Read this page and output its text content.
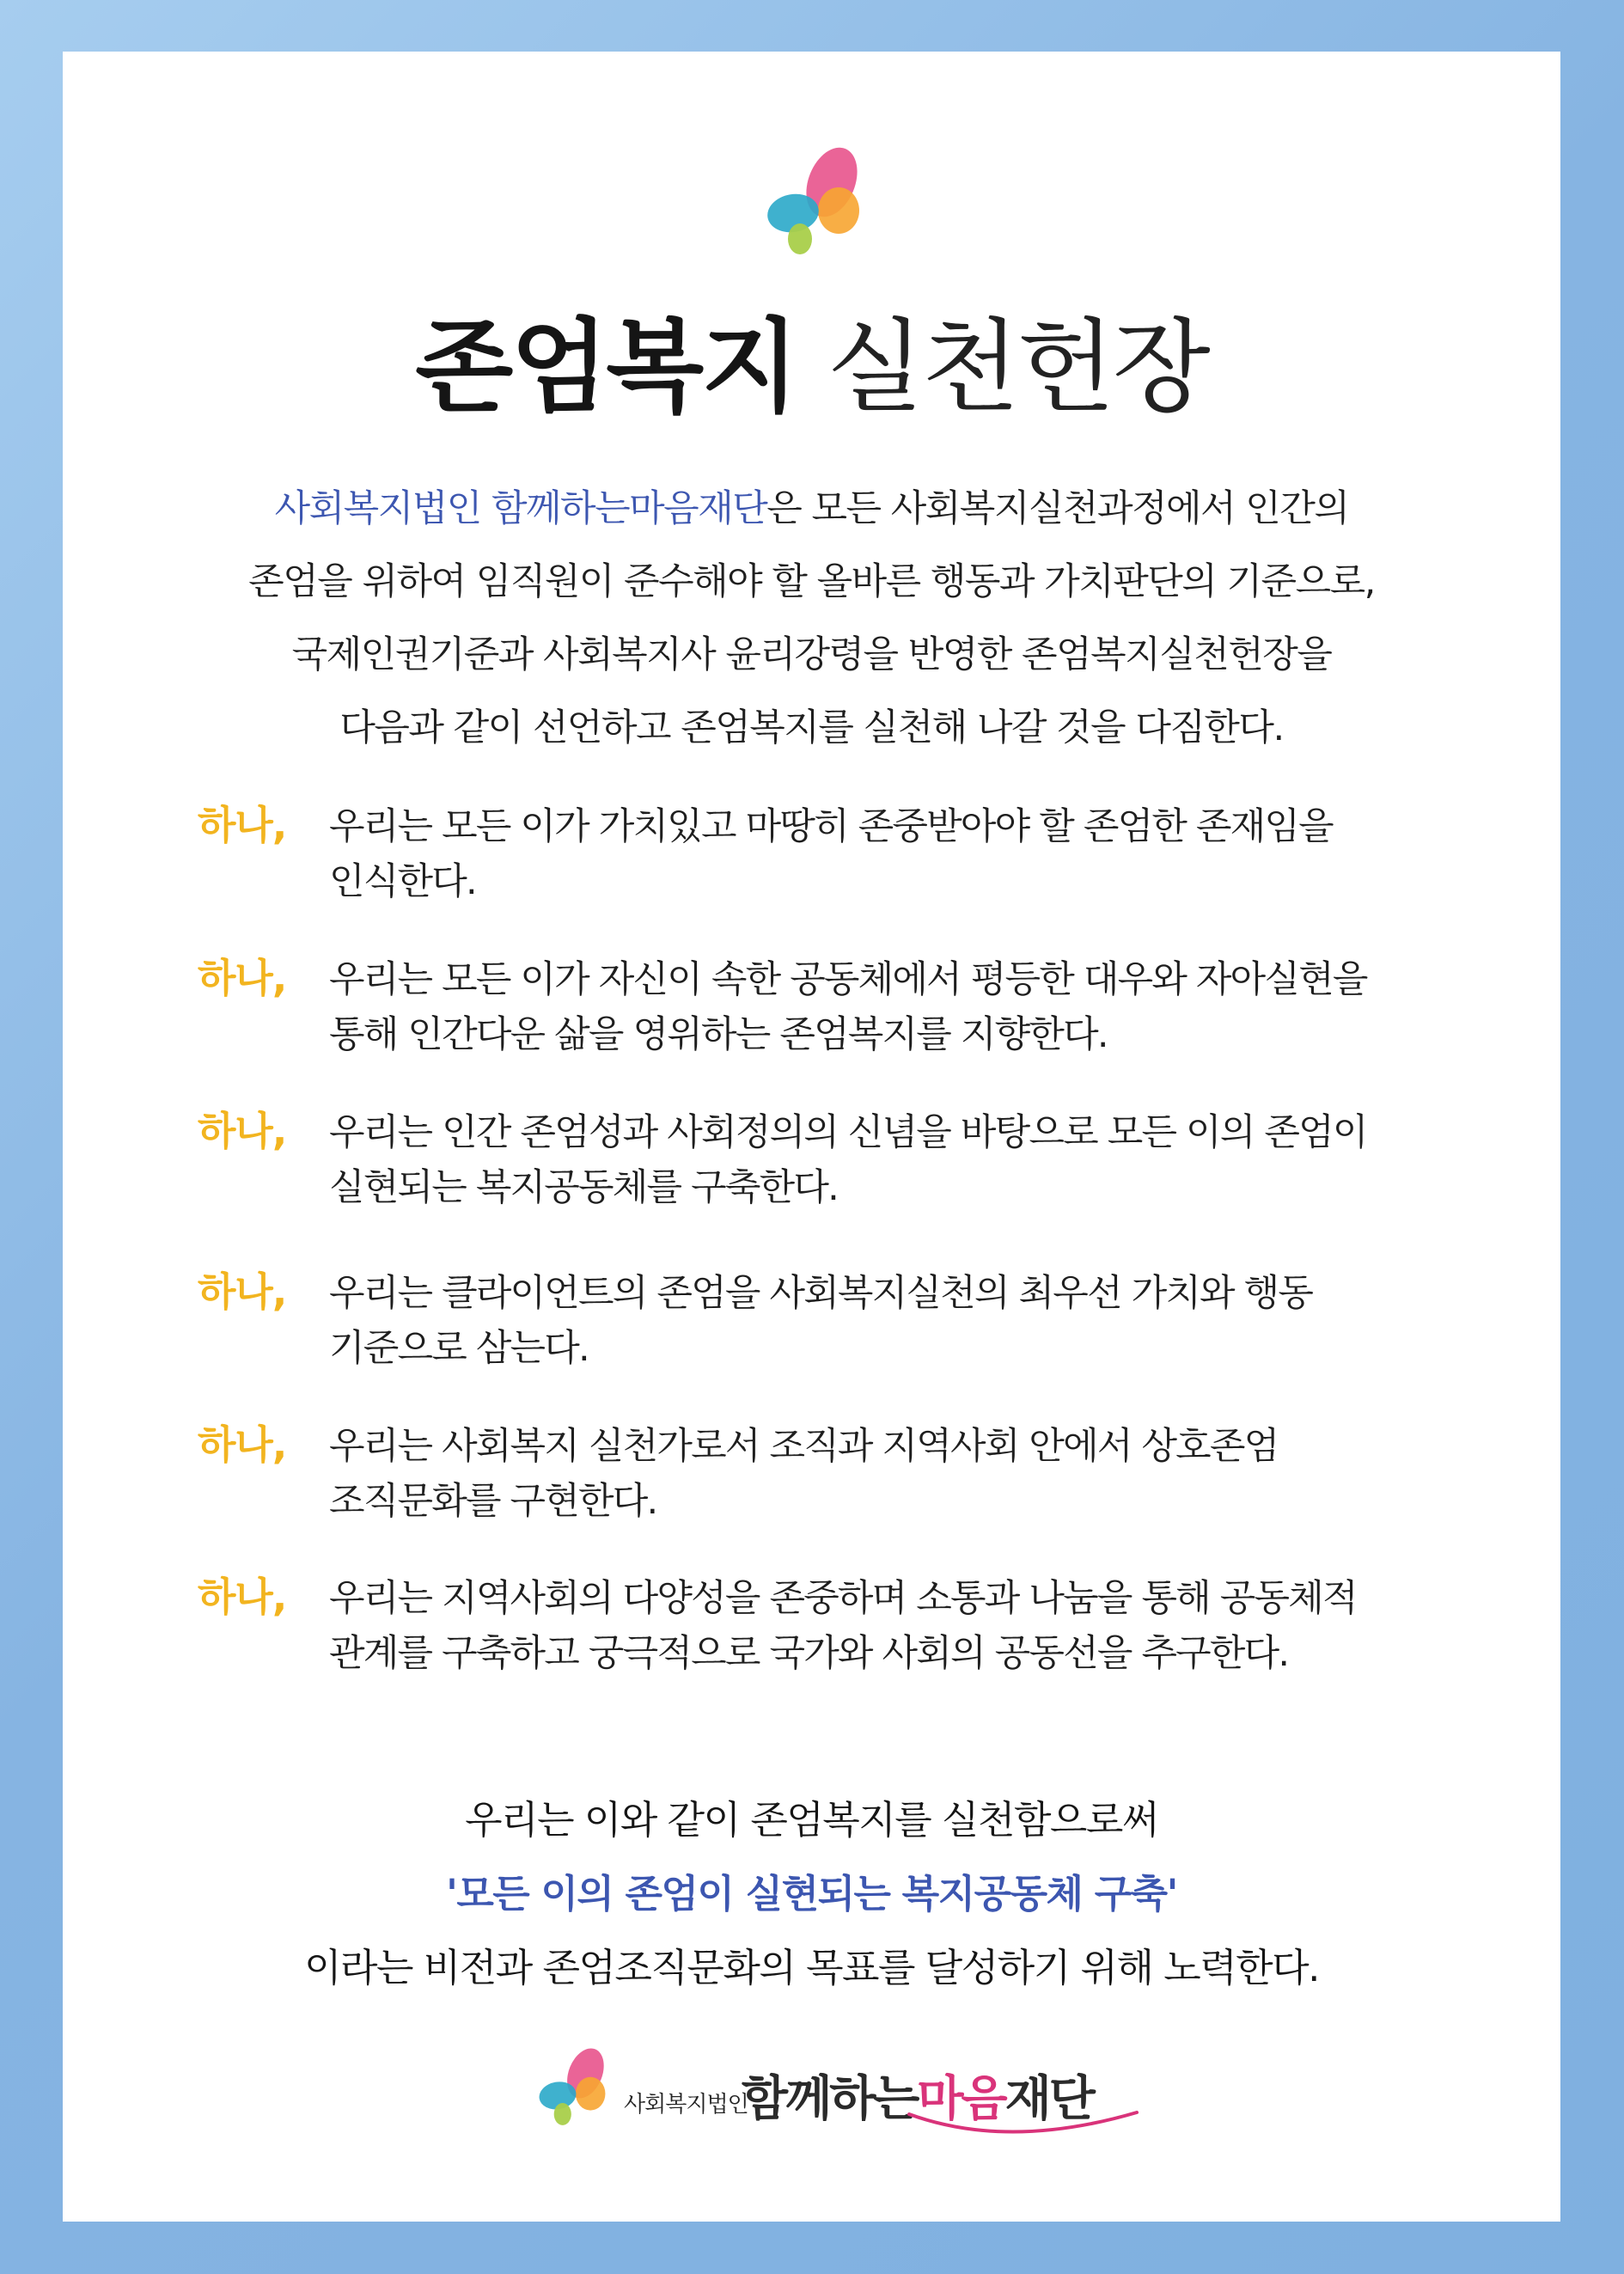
존엄복지 실천헌장
사회복지법인 함께하는마음재단은 모든 사회복지실천과정에서 인간의
존엄을 위하여 임직원이 준수해야 할 올바른 행동과 가치판단의 기준으로,
국제인권기준과 사회복지사 윤리강령을 반영한 존엄복지실천헌장을
다음과 같이 선언하고 존엄복지를 실천해 나갈 것을 다짐한다.
하나, 우리는 모든 이가 가치있고 마땅히 존중받아야 할 존엄한 존재임을
인식한다.
하나, 우리는 모든 이가 자신이 속한 공동체에서 평등한 대우와 자아실현을
통해 인간다운 삶을 영위하는 존엄복지를 지향한다.
하나, 우리는 인간 존엄성과 사회정의의 신념을 바탕으로 모든 이의 존엄이
실현되는 복지공동체를 구축한다.
하나, 우리는 클라이언트의 존엄을 사회복지실천의 최우선 가치와 행동
기준으로 삼는다.
하나, 우리는 사회복지 실천가로서 조직과 지역사회 안에서 상호존엄
조직문화를 구현한다.
하나, 우리는 지역사회의 다양성을 존중하며 소통과 나눔을 통해 공동체적
관계를 구축하고 궁극적으로 국가와 사회의 공동선을 추구한다.
우리는 이와 같이 존엄복지를 실천함으로써
'모든 이의 존엄이 실현되는 복지공동체 구축'
이라는 비전과 존엄조직문화의 목표를 달성하기 위해 노력한다.
사회복지법인
함께하는마음재단
